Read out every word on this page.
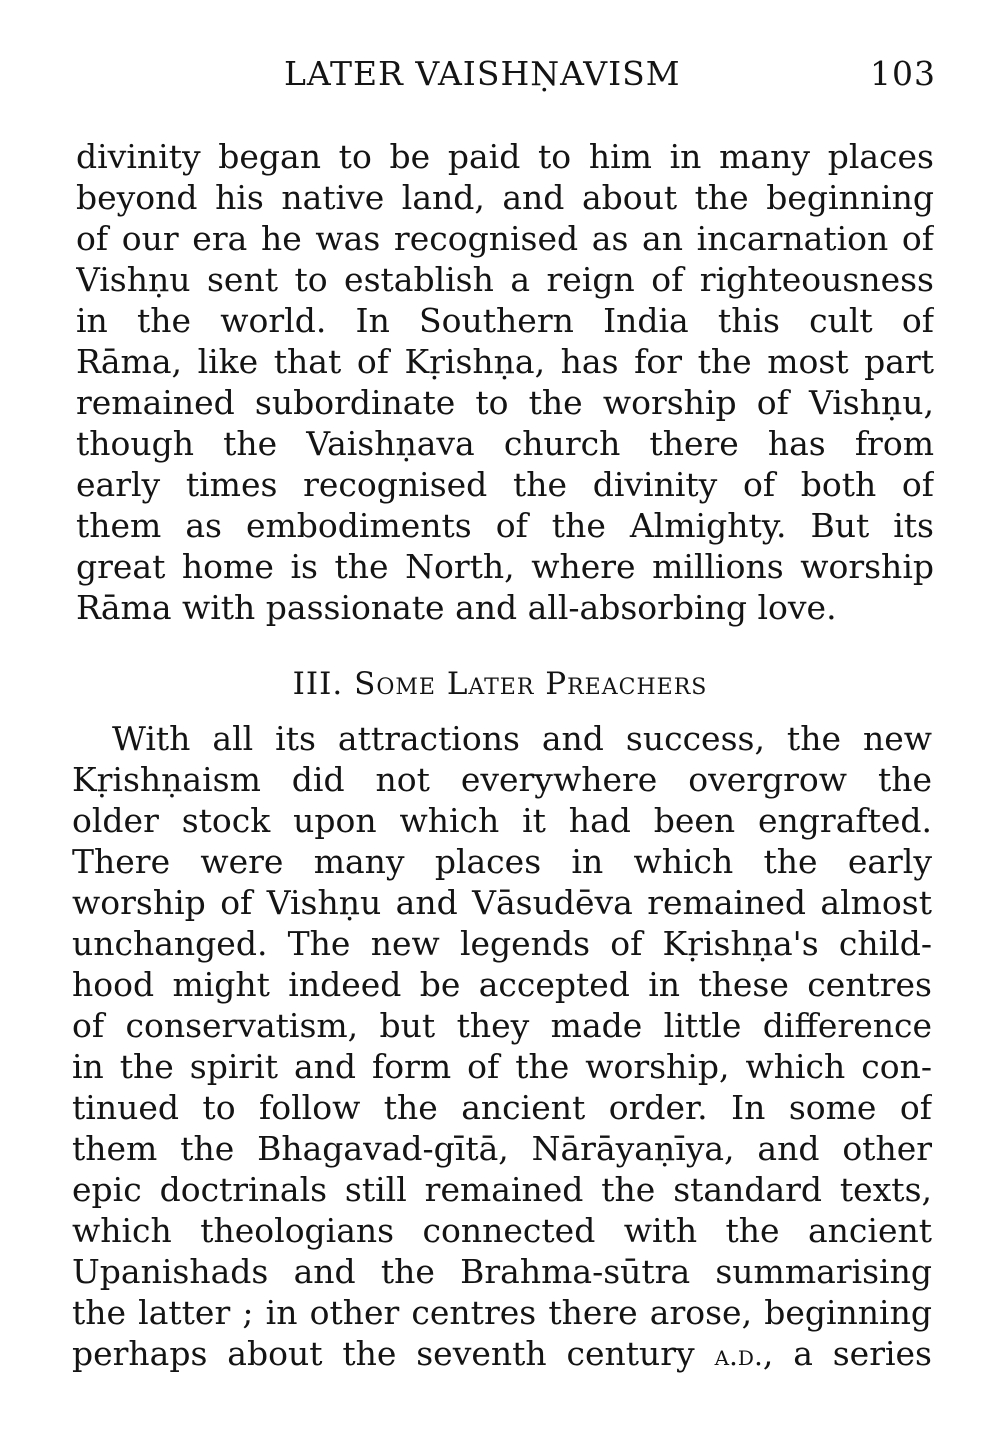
LATER VAISHṆAVISM	103
divinity began to be paid to him in many places
beyond his native land, and about the beginning
of our era he was recognised as an incarnation of
Vishṇu sent to establish a reign of righteousness
in the world. In Southern India this cult of
Rāma, like that of Kṛishṇa, has for the most part
remained subordinate to the worship of Vishṇu,
though the Vaishṇava church there has from
early times recognised the divinity of both of
them as embodiments of the Almighty. But its
great home is the North, where millions worship
Rāma with passionate and all-absorbing love.
III. Some Later Preachers
With all its attractions and success, the new
Kṛishṇaism did not everywhere overgrow the
older stock upon which it had been engrafted.
There were many places in which the early
worship of Vishṇu and Vāsudēva remained almost
unchanged. The new legends of Kṛishṇa's child-
hood might indeed be accepted in these centres
of conservatism, but they made little difference
in the spirit and form of the worship, which con-
tinued to follow the ancient order. In some of
them the Bhagavad-gītā, Nārāyaṇīya, and other
epic doctrinals still remained the standard texts,
which theologians connected with the ancient
Upanishads and the Brahma-sūtra summarising
the latter ; in other centres there arose, beginning
perhaps about the seventh century a.d., a series
